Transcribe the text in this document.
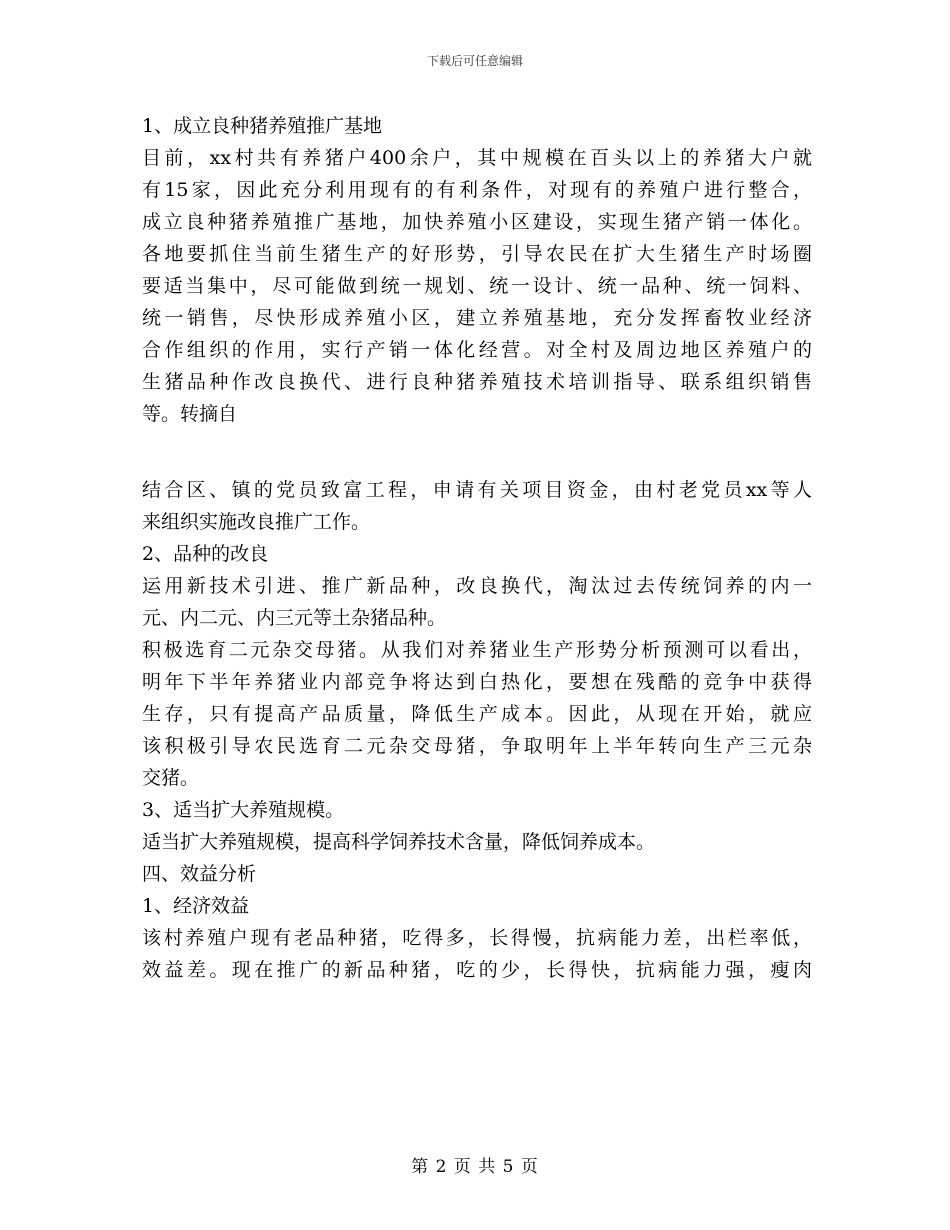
下载后可任意编辑
1、成立良种猪养殖推广基地
目前，xx村共有养猪户400余户，其中规模在百头以上的养猪大户就
有15家，因此充分利用现有的有利条件，对现有的养殖户进行整合，
成立良种猪养殖推广基地，加快养殖小区建设，实现生猪产销一体化。
各地要抓住当前生猪生产的好形势，引导农民在扩大生猪生产时场圈
要适当集中，尽可能做到统一规划、统一设计、统一品种、统一饲料、
统一销售，尽快形成养殖小区，建立养殖基地，充分发挥畜牧业经济
合作组织的作用，实行产销一体化经营。对全村及周边地区养殖户的
生猪品种作改良换代、进行良种猪养殖技术培训指导、联系组织销售
等。转摘自
结合区、镇的党员致富工程，申请有关项目资金，由村老党员xx等人
来组织实施改良推广工作。
2、品种的改良
运用新技术引进、推广新品种，改良换代，淘汰过去传统饲养的内一
元、内二元、内三元等土杂猪品种。
积极选育二元杂交母猪。从我们对养猪业生产形势分析预测可以看出，
明年下半年养猪业内部竞争将达到白热化，要想在残酷的竞争中获得
生存，只有提高产品质量，降低生产成本。因此，从现在开始，就应
该积极引导农民选育二元杂交母猪，争取明年上半年转向生产三元杂
交猪。
3、适当扩大养殖规模。
适当扩大养殖规模，提高科学饲养技术含量，降低饲养成本。
四、效益分析
1、经济效益
该村养殖户现有老品种猪，吃得多，长得慢，抗病能力差，出栏率低，
效益差。现在推广的新品种猪，吃的少，长得快，抗病能力强，瘦肉
第 2 页 共 5 页
